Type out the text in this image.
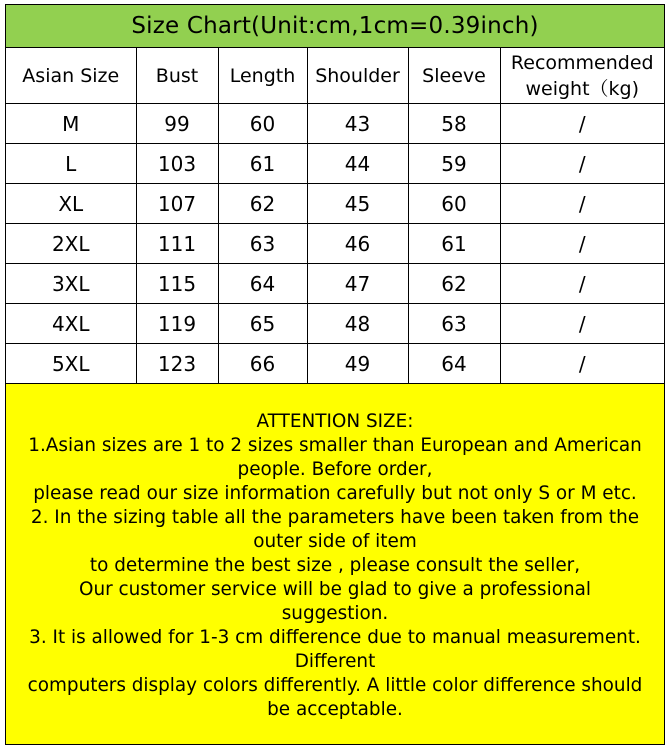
Size Chart(Unit:cm,1cm=0.39inch)
Asian Size	Bust	Length	Shoulder	Sleeve	Recommended
weight（kg)
M	99	60	43	58	/
L	103	61	44	59	/
XL	107	62	45	60	/
2XL	111	63	46	61	/
3XL	115	64	47	62	/
4XL	119	65	48	63	/
5XL	123	66	49	64	/
ATTENTION SIZE:
1.Asian sizes are 1 to 2 sizes smaller than European and American
people. Before order,
please read our size information carefully but not only S or M etc.
2. In the sizing table all the parameters have been taken from the
outer side of item
to determine the best size , please consult the seller,
Our customer service will be glad to give a professional
suggestion.
3. It is allowed for 1-3 cm difference due to manual measurement.
Different
computers display colors differently. A little color difference should
be acceptable.
